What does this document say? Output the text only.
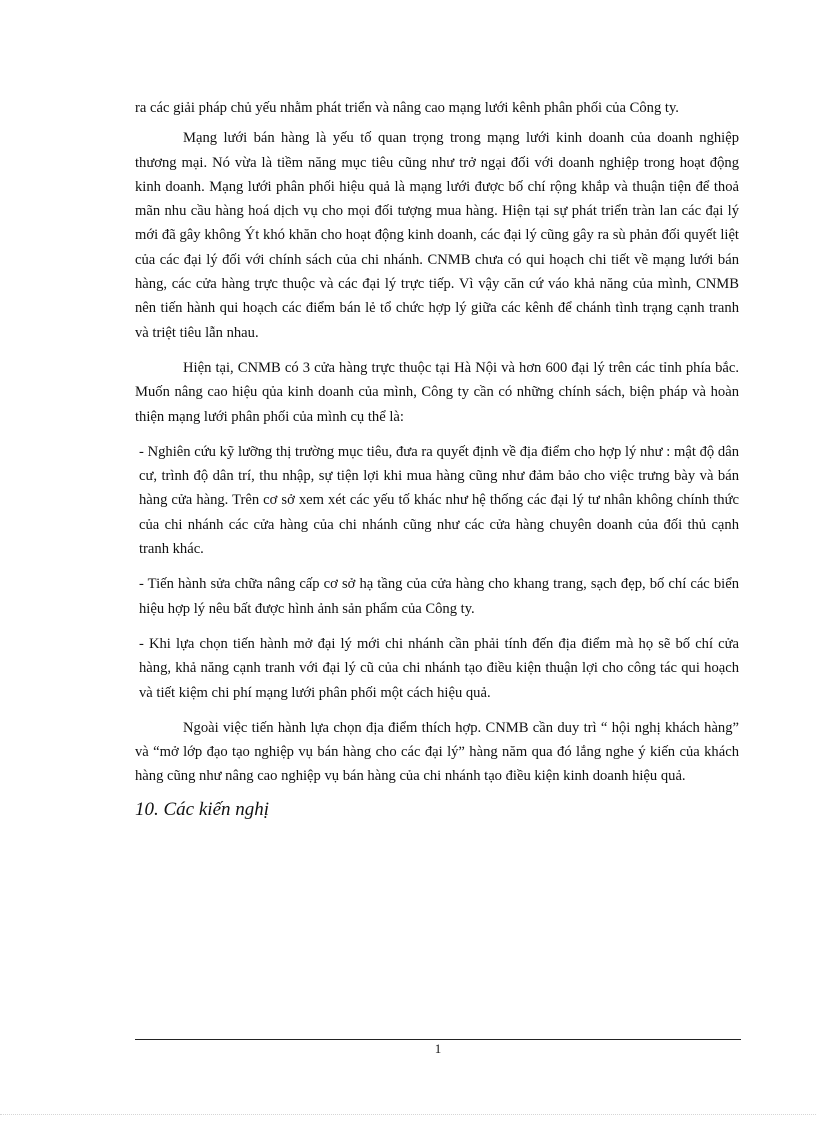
ra các giải pháp chủ yếu nhằm phát triển và nâng cao mạng lưới kênh phân phối của Công ty.

Mạng lưới bán hàng là yếu tố quan trọng trong mạng lưới kinh doanh của doanh nghiệp thương mại. Nó vừa là tiềm năng mục tiêu cũng như trở ngại đối với doanh nghiệp trong hoạt động kinh doanh. Mạng lưới phân phối hiệu quả là mạng lưới được bố chí rộng khắp và thuận tiện để thoả mãn nhu cầu hàng hoá dịch vụ cho mọi đối tượng mua hàng. Hiện tại sự phát triển tràn lan các đại lý mới đã gây không Ýt khó khăn cho hoạt động kinh doanh, các đại lý cũng gây ra sù phản đối quyết liệt của các đại lý đối với chính sách của chi nhánh. CNMB chưa có qui hoạch chi tiết về mạng lưới bán hàng, các cửa hàng trực thuộc và các đại lý trực tiếp. Vì vậy căn cứ váo khả năng của mình, CNMB nên tiến hành qui hoạch các điểm bán lẻ tổ chức hợp lý giữa các kênh để chánh tình trạng cạnh tranh và triệt tiêu lẫn nhau.

Hiện tại, CNMB có 3 cửa hàng trực thuộc tại Hà Nội và hơn 600 đại lý trên các tỉnh phía bắc. Muốn nâng cao hiệu qủa kinh doanh của mình, Công ty cần có những chính sách, biện pháp và hoàn thiện mạng lưới phân phối của mình cụ thể là:

- Nghiên cứu kỹ lưỡng thị trường mục tiêu, đưa ra quyết định về địa điểm cho hợp lý như : mật độ dân cư, trình độ dân trí, thu nhập, sự tiện lợi khi mua hàng cũng như đảm bảo cho việc trưng bày và bán hàng cửa hàng. Trên cơ sở xem xét các yếu tố khác như hệ thống các đại lý tư nhân không chính thức của chi nhánh các cửa hàng của chi nhánh cũng như các cửa hàng chuyên doanh của đối thủ cạnh tranh khác.

- Tiến hành sửa chữa nâng cấp cơ sở hạ tầng của cửa hàng cho khang trang, sạch đẹp, bố chí các biển hiệu hợp lý nêu bất được hình ảnh sản phẩm của Công ty.

- Khi lựa chọn tiến hành mở đại lý mới chi nhánh cần phải tính đến địa điểm mà họ sẽ bố chí cửa hàng, khả năng cạnh tranh với đại lý cũ của chi nhánh tạo điều kiện thuận lợi cho công tác qui hoạch và tiết kiệm chi phí mạng lưới phân phối một cách hiệu quả.

Ngoài việc tiến hành lựa chọn địa điểm thích hợp. CNMB cần duy trì “ hội nghị khách hàng” và “mở lớp đạo tạo nghiệp vụ bán hàng cho các đại lý” hàng năm qua đó lắng nghe ý kiến của khách hàng cũng như nâng cao nghiệp vụ bán hàng của chi nhánh tạo điều kiện kinh doanh hiệu quả.

10. Các kiến nghị

1
